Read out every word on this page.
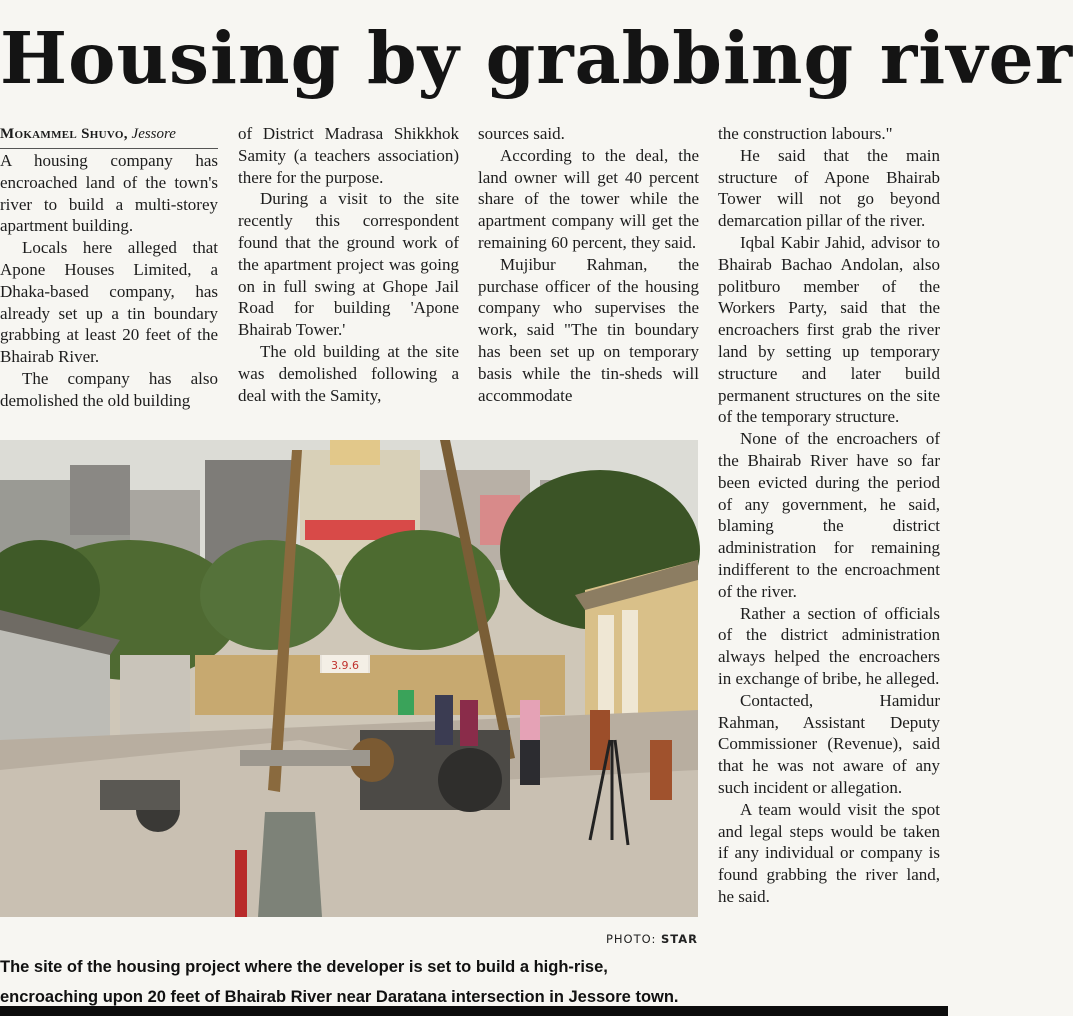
Housing by grabbing river
Mokammel Shuvo, Jessore

A housing company has encroached land of the town's river to build a multi-storey apartment building.

Locals here alleged that Apone Houses Limited, a Dhaka-based company, has already set up a tin boundary grabbing at least 20 feet of the Bhairab River.

The company has also demolished the old building

of District Madrasa Shikkhok Samity (a teachers association) there for the purpose.

During a visit to the site recently this correspondent found that the ground work of the apartment project was going on in full swing at Ghope Jail Road for building 'Apone Bhairab Tower.'

The old building at the site was demolished following a deal with the Samity,

sources said.

According to the deal, the land owner will get 40 percent share of the tower while the apartment company will get the remaining 60 percent, they said.

Mujibur Rahman, the purchase officer of the housing company who supervises the work, said "The tin boundary has been set up on temporary basis while the tin-sheds will accommodate

the construction labours."

He said that the main structure of Apone Bhairab Tower will not go beyond demarcation pillar of the river.

Iqbal Kabir Jahid, advisor to Bhairab Bachao Andolan, also politburo member of the Workers Party, said that the encroachers first grab the river land by setting up temporary structure and later build permanent structures on the site of the temporary structure.

None of the encroachers of the Bhairab River have so far been evicted during the period of any government, he said, blaming the district administration for remaining indifferent to the encroachment of the river.

Rather a section of officials of the district administration always helped the encroachers in exchange of bribe, he alleged.

Contacted, Hamidur Rahman, Assistant Deputy Commissioner (Revenue), said that he was not aware of any such incident or allegation.

A team would visit the spot and legal steps would be taken if any individual or company is found grabbing the river land, he said.

3.9.6
PHOTO: STAR
The site of the housing project where the developer is set to build a high-rise, encroaching upon 20 feet of Bhairab River near Daratana intersection in Jessore town.
